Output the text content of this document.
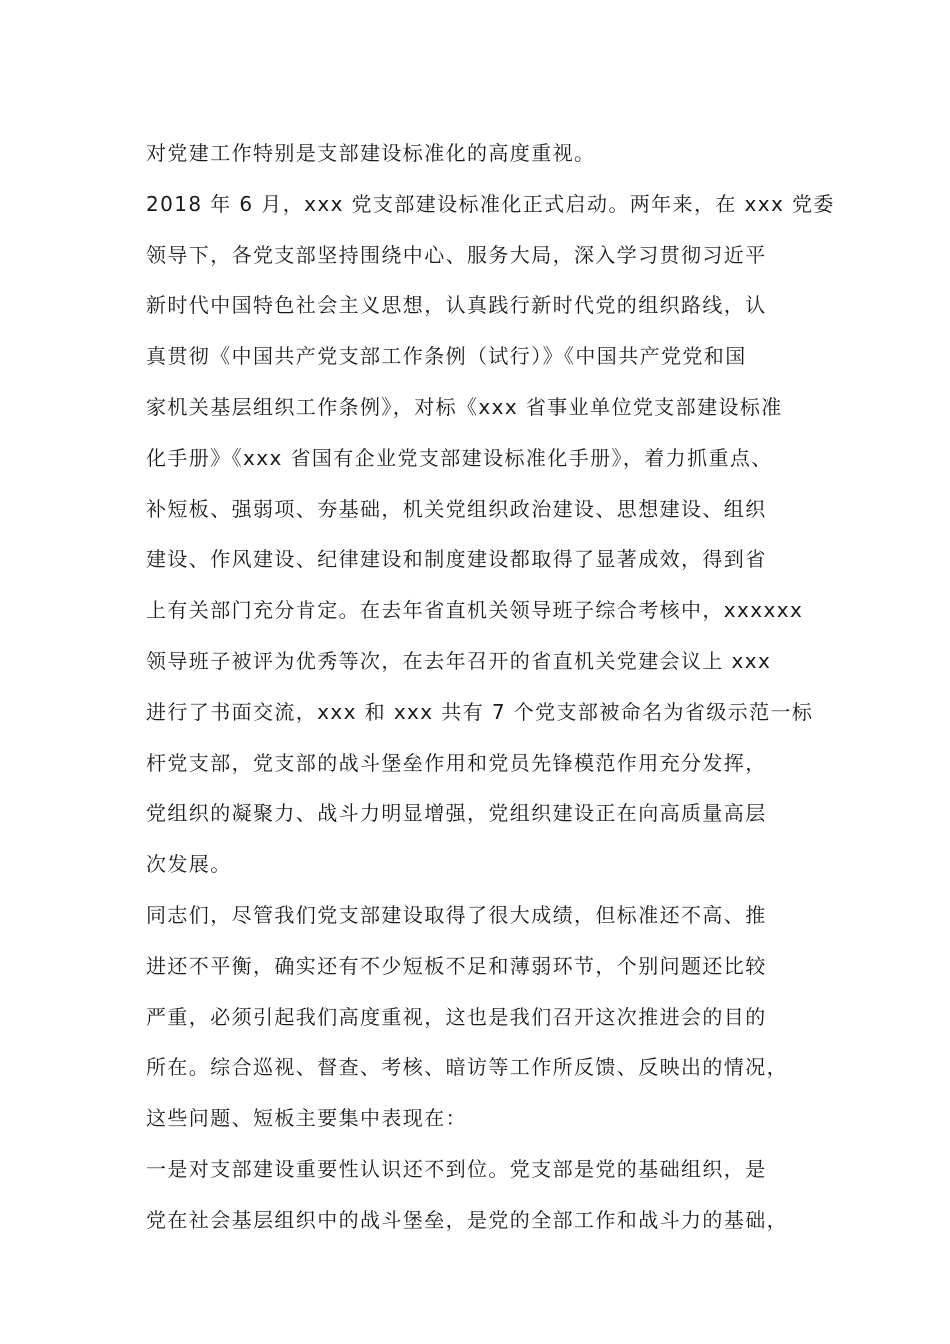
对党建工作特别是支部建设标准化的高度重视。
2018 年 6 月，xxx 党支部建设标准化正式启动。两年来，在 xxx 党委
领导下，各党支部坚持围绕中心、服务大局，深入学习贯彻习近平
新时代中国特色社会主义思想，认真践行新时代党的组织路线，认
真贯彻《中国共产党支部工作条例（试行）》《中国共产党党和国
家机关基层组织工作条例》，对标《xxx 省事业单位党支部建设标准
化手册》《xxx 省国有企业党支部建设标准化手册》，着力抓重点、
补短板、强弱项、夯基础，机关党组织政治建设、思想建设、组织
建设、作风建设、纪律建设和制度建设都取得了显著成效，得到省
上有关部门充分肯定。在去年省直机关领导班子综合考核中，xxxxxx
领导班子被评为优秀等次，在去年召开的省直机关党建会议上 xxx
进行了书面交流，xxx 和 xxx 共有 7 个党支部被命名为省级示范一标
杆党支部，党支部的战斗堡垒作用和党员先锋模范作用充分发挥，
党组织的凝聚力、战斗力明显增强，党组织建设正在向高质量高层
次发展。
同志们，尽管我们党支部建设取得了很大成绩，但标准还不高、推
进还不平衡，确实还有不少短板不足和薄弱环节，个别问题还比较
严重，必须引起我们高度重视，这也是我们召开这次推进会的目的
所在。综合巡视、督查、考核、暗访等工作所反馈、反映出的情况，
这些问题、短板主要集中表现在：
一是对支部建设重要性认识还不到位。党支部是党的基础组织，是
党在社会基层组织中的战斗堡垒，是党的全部工作和战斗力的基础，
